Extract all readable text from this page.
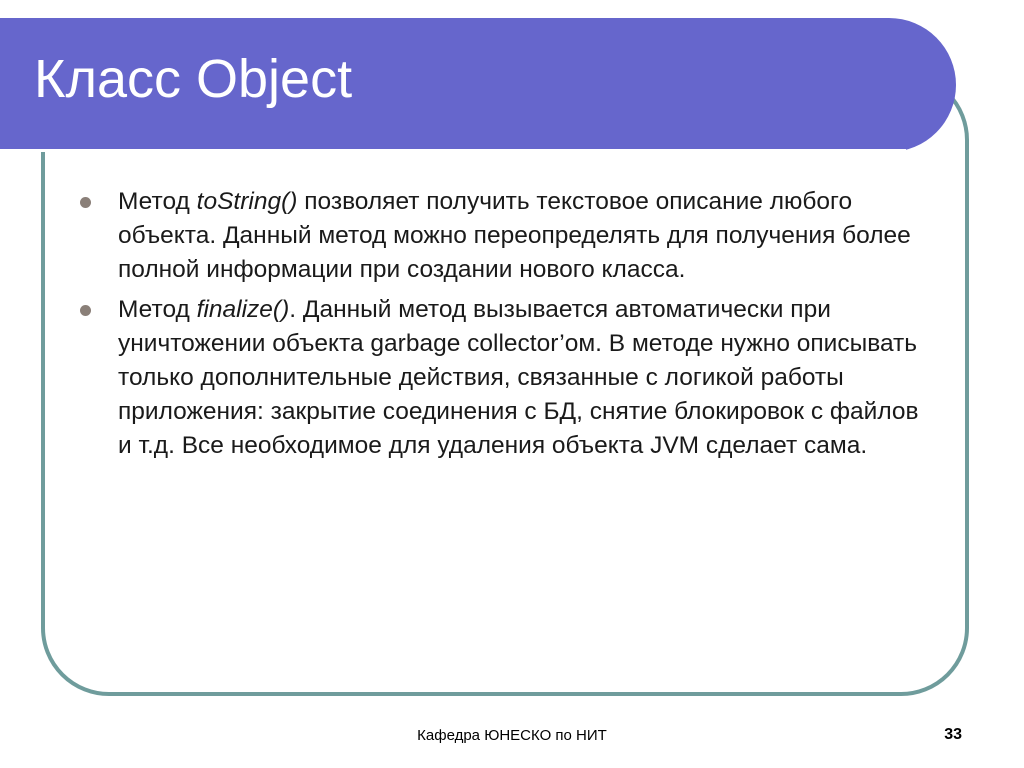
Класс Object
Метод toString() позволяет получить текстовое описание любого объекта. Данный метод можно переопределять для получения более полной информации при создании нового класса.
Метод finalize(). Данный метод вызывается автоматически при уничтожении объекта garbage collector’ом. В методе нужно описывать только дополнительные действия, связанные с логикой работы приложения: закрытие соединения с БД, снятие блокировок с файлов и т.д. Все необходимое для удаления объекта JVM сделает сама.
Кафедра ЮНЕСКО по НИТ	33
